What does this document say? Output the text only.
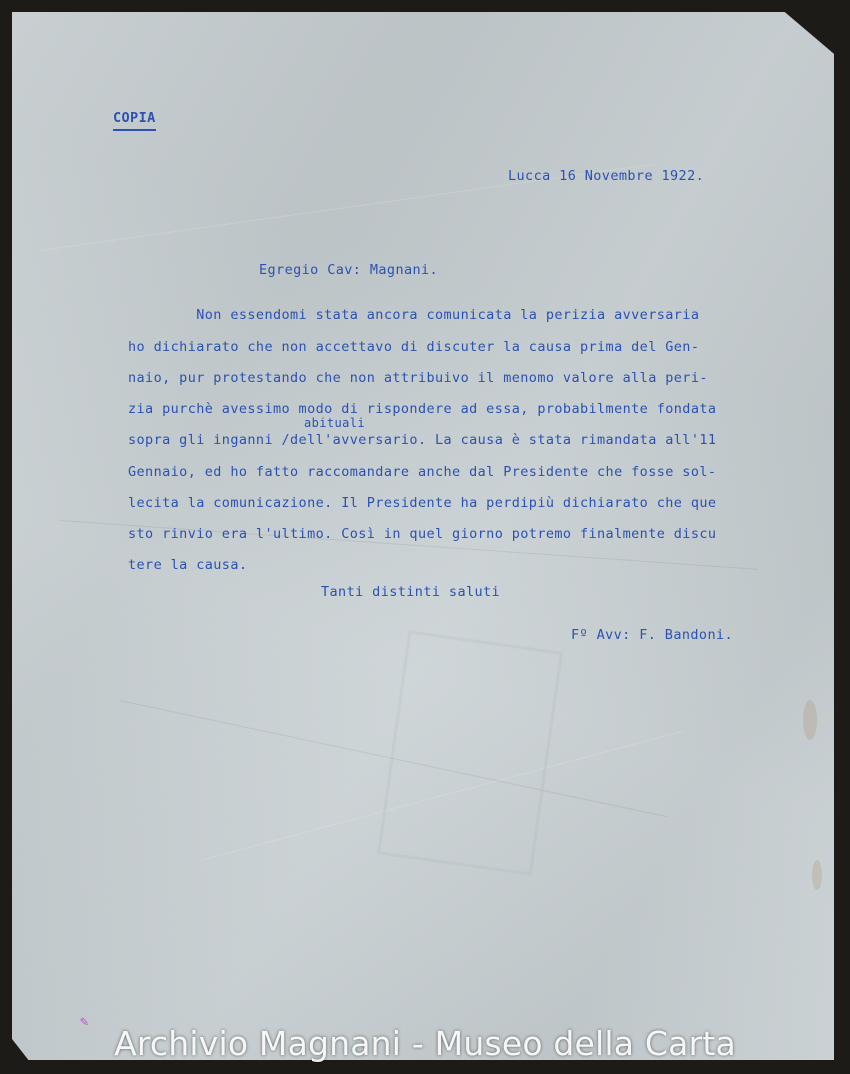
COPIA
Lucca 16 Novembre 1922.
Egregio Cav: Magnani.
abituali
Non essendomi stata ancora comunicata la perizia avversaria
ho dichiarato che non accettavo di discuter la causa prima del Gen-
naio, pur protestando che non attribuivo il menomo valore alla peri-
zia purchè avessimo modo di rispondere ad essa, probabilmente fondata
sopra gli inganni /dell'avversario. La causa è stata rimandata all'11
Gennaio, ed ho fatto raccomandare anche dal Presidente che fosse sol-
lecita la comunicazione. Il Presidente ha perdipiù dichiarato che que
sto rinvio era l'ultimo. Così in quel giorno potremo finalmente discu
tere la causa.
Tanti distinti saluti
Fº Avv: F. Bandoni.
✎
Archivio Magnani - Museo della Carta
